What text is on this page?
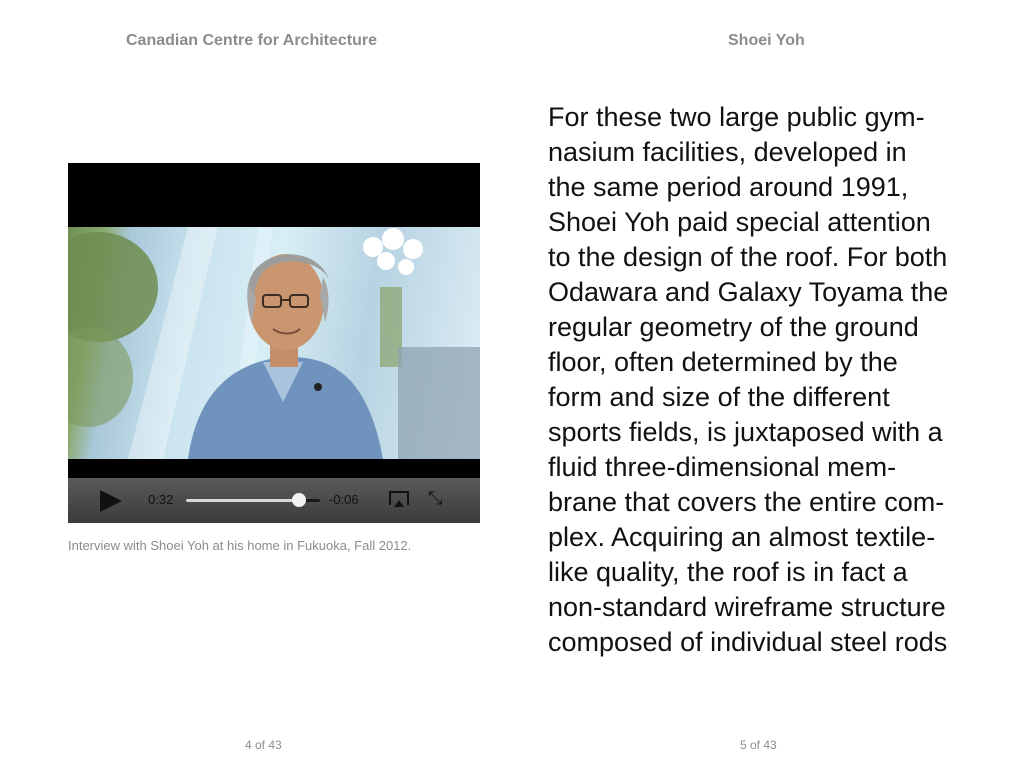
Canadian Centre for Architecture	Shoei Yoh
0:32	-0:06	⤡
Interview with Shoei Yoh at his home in Fukuoka, Fall 2012.

For these two large public gym-
nasium facilities, developed in
the same period around 1991,
Shoei Yoh paid special attention
to the design of the roof. For both
Odawara and Galaxy Toyama the
regular geometry of the ground
floor, often determined by the
form and size of the different
sports fields, is juxtaposed with a
fluid three-dimensional mem-
brane that covers the entire com-
plex. Acquiring an almost textile-
like quality, the roof is in fact a
non-standard wireframe structure
composed of individual steel rods

4 of 43	5 of 43
